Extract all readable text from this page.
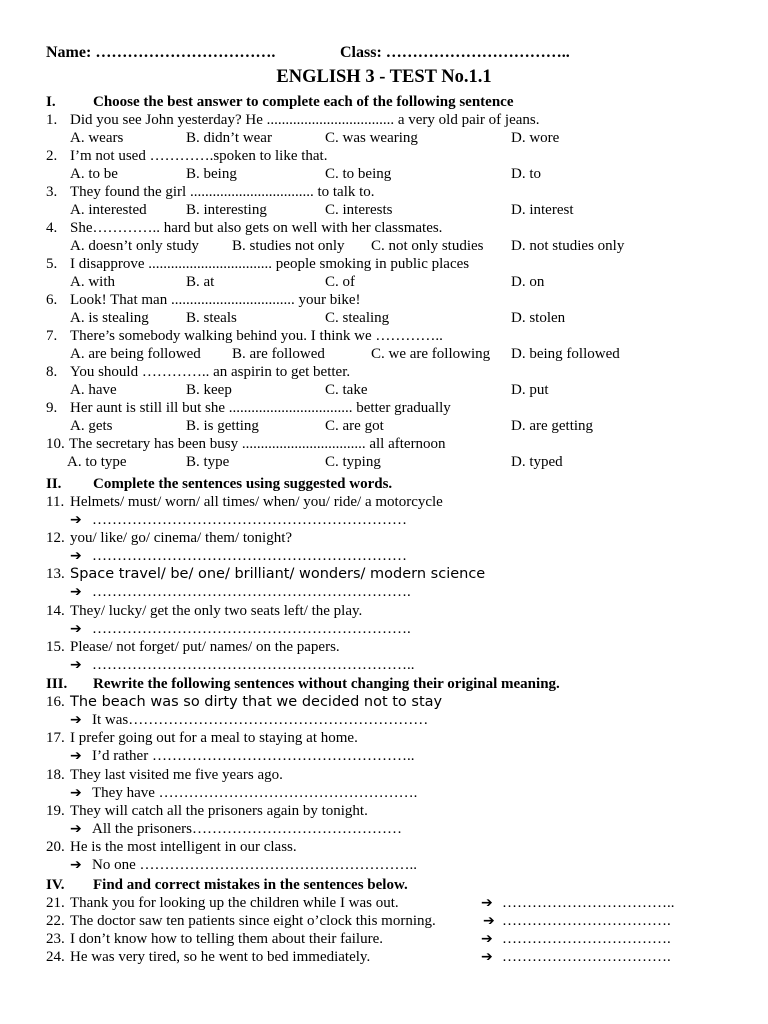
Name: …………………………….	Class: ……………………………..
ENGLISH 3 - TEST No.1.1
I. Choose the best answer to complete each of the following sentence
1. Did you see John yesterday? He .................................. a very old pair of jeans.
A. wears	B. didn’t wear	C. was wearing	D. wore
2. I’m not used ………….spoken to like that.
A. to be	B. being	C. to being	D. to
3. They found the girl ................................. to talk to.
A. interested	B. interesting	C. interests	D. interest
4. She………….. hard but also gets on well with her classmates.
A. doesn’t only study B. studies not only C. not only studies D. not studies only
5. I disapprove ................................. people smoking in public places
A. with	B. at	C. of	D. on
6. Look! That man ................................. your bike!
A. is stealing B. steals	C. stealing	D. stolen
7. There’s somebody walking behind you. I think we …………..
A. are being followed B. are followed	C. we are following D. being followed
8. You should ………….. an aspirin to get better.
A. have	B. keep	C. take	D. put
9. Her aunt is still ill but she ................................. better gradually
A. gets	B. is getting	C. are got	D. are getting
10. The secretary has been busy ................................. all afternoon
A. to type	B. type	C. typing	D. typed
II. Complete the sentences using suggested words.
11. Helmets/ must/ worn/ all times/ when/ you/ ride/ a motorcycle
➔ ………………………………………………………
12. you/ like/ go/ cinema/ them/ tonight?
➔ ………………………………………………………
13. Space travel/ be/ one/ brilliant/ wonders/ modern science
➔ ……………………………………………………….
14. They/ lucky/ get the only two seats left/ the play.
➔ ……………………………………………………….
15. Please/ not forget/ put/ names/ on the papers.
➔ ………………………………………………………..
III. Rewrite the following sentences without changing their original meaning.
16. The beach was so dirty that we decided not to stay
➔ It was……………………………………………………
17. I prefer going out for a meal to staying at home.
➔ I’d rather ……………………………………………..
18. They last visited me five years ago.
➔ They have …………………………………………….
19. They will catch all the prisoners again by tonight.
➔ All the prisoners……………………………………
20. He is the most intelligent in our class.
➔ No one ………………………………………………..
IV. Find and correct mistakes in the sentences below.
21. Thank you for looking up the children while I was out.	➔ ……………………………..
22. The doctor saw ten patients since eight o’clock this morning.	➔ …………………………….
23. I don’t know how to telling them about their failure.	➔ …………………………….
24. He was very tired, so he went to bed immediately.	➔ …………………………….
